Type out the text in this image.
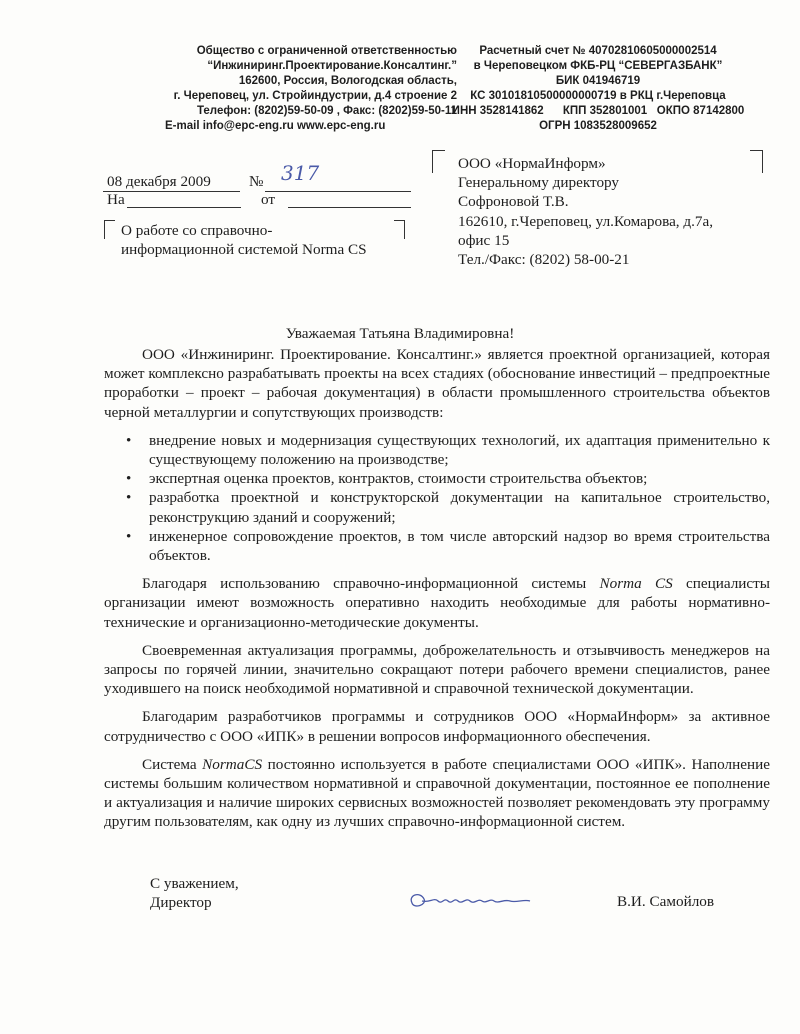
Общество с ограниченной ответственностью
“Инжиниринг.Проектирование.Консалтинг.”
162600, Россия, Вологодская область,
г. Череповец, ул. Стройиндустрии, д.4 строение 2
Телефон: (8202)59-50-09 , Факс: (8202)59-50-11
E-mail info@epc-eng.ru www.epc-eng.ru
Расчетный счет № 40702810605000002514
в Череповецком ФКБ-РЦ “СЕВЕРГАЗБАНК”
БИК 041946719
КС 30101810500000000719 в РКЦ г.Череповца
ИНН 3528141862 КПП 352801001 ОКПО 87142800
ОГРН 1083528009652
08 декабря 2009	№ 317
На	от
О работе со справочно-
информационной системой Norma CS
ООО «НормаИнформ»
Генеральному директору
Софроновой Т.В.
162610, г.Череповец, ул.Комарова, д.7а,
офис 15
Тел./Факс: (8202) 58-00-21
Уважаемая Татьяна Владимировна!

ООО «Инжиниринг. Проектирование. Консалтинг.» является проектной организацией, которая может комплексно разрабатывать проекты на всех стадиях (обоснование инвестиций – предпроектные проработки – проект – рабочая документация) в области промышленного строительства объектов черной металлургии и сопутствующих производств:

• внедрение новых и модернизация существующих технологий, их адаптация применительно к существующему положению на производстве;
• экспертная оценка проектов, контрактов, стоимости строительства объектов;
• разработка проектной и конструкторской документации на капитальное строительство, реконструкцию зданий и сооружений;
• инженерное сопровождение проектов, в том числе авторский надзор во время строительства объектов.

Благодаря использованию справочно-информационной системы Norma CS специалисты организации имеют возможность оперативно находить необходимые для работы нормативно-технические и организационно-методические документы.

Своевременная актуализация программы, доброжелательность и отзывчивость менеджеров на запросы по горячей линии, значительно сокращают потери рабочего времени специалистов, ранее уходившего на поиск необходимой нормативной и справочной технической документации.

Благодарим разработчиков программы и сотрудников ООО «НормаИнформ» за активное сотрудничество с ООО «ИПК» в решении вопросов информационного обеспечения.

Система NormaCS постоянно используется в работе специалистами ООО «ИПК». Наполнение системы большим количеством нормативной и справочной документации, постоянное ее пополнение и актуализация и наличие широких сервисных возможностей позволяет рекомендовать эту программу другим пользователям, как одну из лучших справочно-информационной систем.

С уважением,
Директор	В.И. Самойлов
